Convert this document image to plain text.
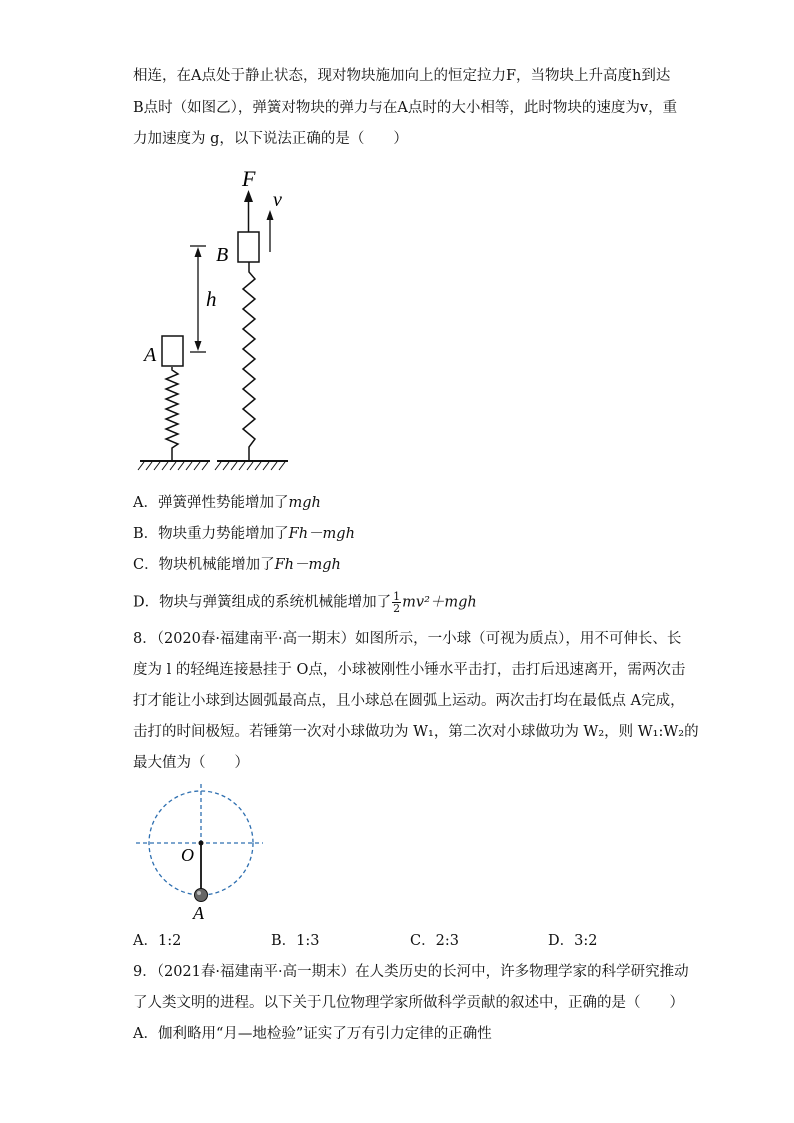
相连，在A点处于静止状态，现对物块施加向上的恒定拉力F，当物块上升高度h到达
B点时（如图乙），弹簧对物块的弹力与在A点时的大小相等，此时物块的速度为v，重
力加速度为 g，以下说法正确的是（　　）
A
B
F
v
h
A．弹簧弹性势能增加了mgh
B．物块重力势能增加了Fh－mgh
C．物块机械能增加了Fh－mgh
D．物块与弹簧组成的系统机械能增加了 $\frac{1}{2} mv^2+mgh$
8．（2020春·福建南平·高一期末）如图所示，一小球（可视为质点），用不可伸长、长
度为 l 的轻绳连接悬挂于 O点，小球被刚性小锤水平击打，击打后迅速离开，需两次击
打才能让小球到达圆弧最高点，且小球总在圆弧上运动。两次击打均在最低点 A完成，
击打的时间极短。若锤第一次对小球做功为 W₁，第二次对小球做功为 W₂，则 W₁:W₂的
最大值为（　　）
O
A
A．1:2	B．1:3	C．2:3	D．3:2
9．（2021春·福建南平·高一期末）在人类历史的长河中，许多物理学家的科学研究推动
了人类文明的进程。以下关于几位物理学家所做科学贡献的叙述中，正确的是（　　）
A．伽利略用“月—地检验”证实了万有引力定律的正确性
